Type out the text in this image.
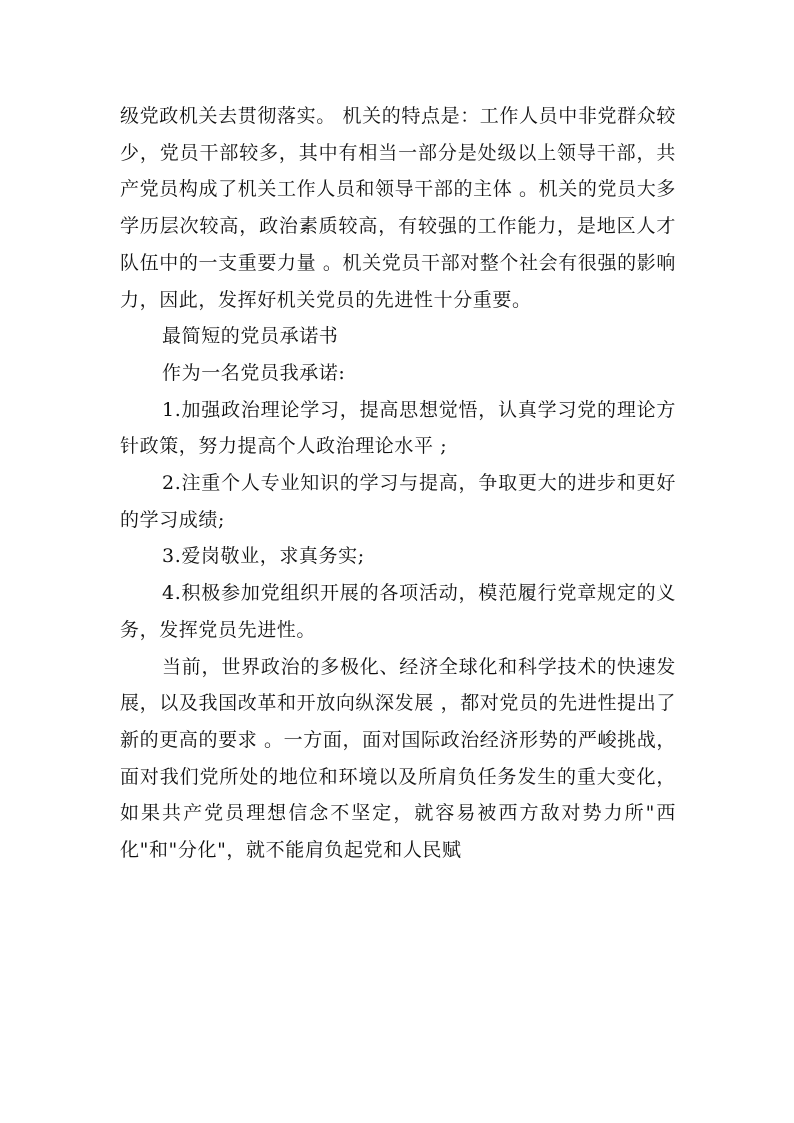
级党政机关去贯彻落实。 机关的特点是：工作人员中非党群众较少，党员干部较多，其中有相当一部分是处级以上领导干部，共产党员构成了机关工作人员和领导干部的主体 。机关的党员大多学历层次较高，政治素质较高，有较强的工作能力，是地区人才队伍中的一支重要力量 。机关党员干部对整个社会有很强的影响力，因此，发挥好机关党员的先进性十分重要。

最简短的党员承诺书

作为一名党员我承诺:

1.加强政治理论学习，提高思想觉悟，认真学习党的理论方针政策，努力提高个人政治理论水平 ;

2.注重个人专业知识的学习与提高，争取更大的进步和更好的学习成绩;

3.爱岗敬业，求真务实;

4.积极参加党组织开展的各项活动，模范履行党章规定的义务，发挥党员先进性。

当前，世界政治的多极化、经济全球化和科学技术的快速发展，以及我国改革和开放向纵深发展 ，都对党员的先进性提出了新的更高的要求 。一方面，面对国际政治经济形势的严峻挑战，面对我们党所处的地位和环境以及所肩负任务发生的重大变化，如果共产党员理想信念不坚定，就容易被西方敌对势力所"西化"和"分化"，就不能肩负起党和人民赋
